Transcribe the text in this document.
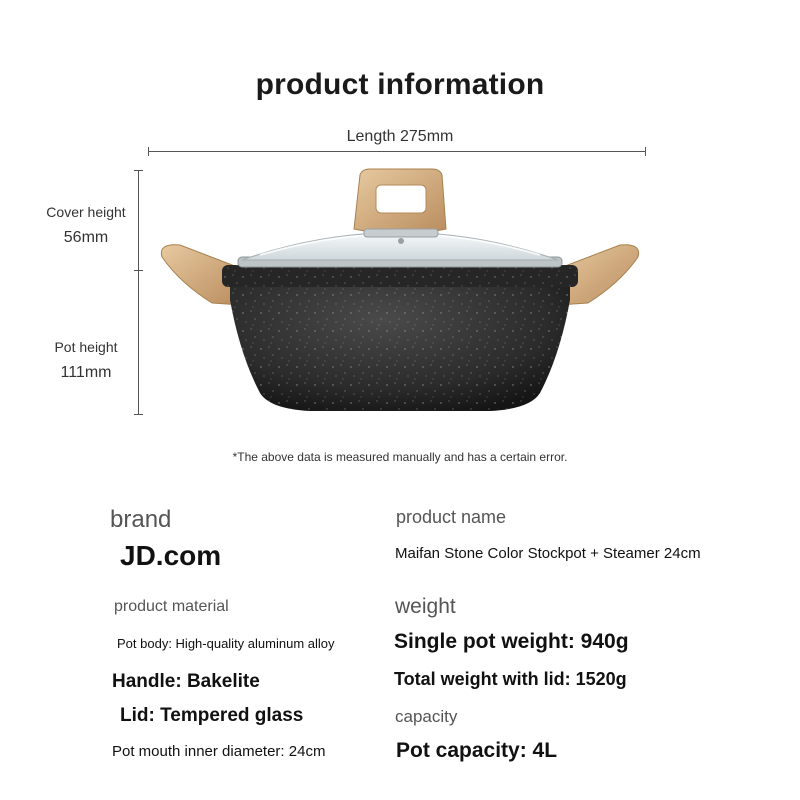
product information
Length 275mm
Cover height
56mm
Pot height
111mm
*The above data is measured manually and has a certain error.
brand
JD.com
product material
Pot body: High-quality aluminum alloy
Handle: Bakelite
Lid: Tempered glass
Pot mouth inner diameter: 24cm
product name
Maifan Stone Color Stockpot + Steamer 24cm
weight
Single pot weight: 940g
Total weight with lid: 1520g
capacity
Pot capacity: 4L
